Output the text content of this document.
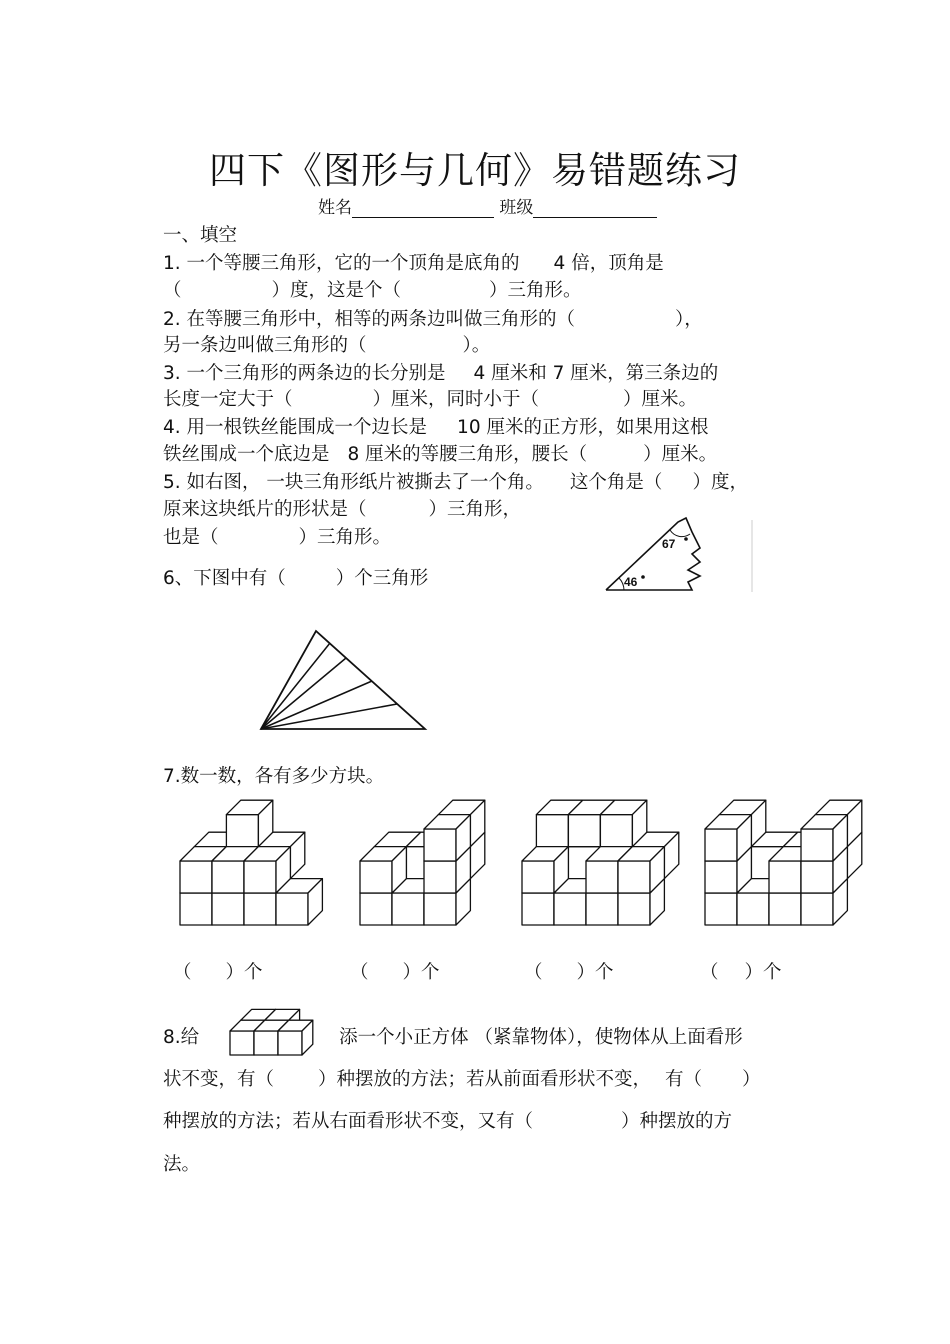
四下《图形与几何》易错题练习
姓名	班级
一、填空
1. 一个等腰三角形，它的一个顶角是底角的 4 倍，顶角是
（	）度，这是个（	）三角形。
2. 在等腰三角形中，相等的两条边叫做三角形的（	），
另一条边叫做三角形的（	）。
3. 一个三角形的两条边的长分别是 4 厘米和 7 厘米，第三条边的
长度一定大于（	）厘米，同时小于（	）厘米。
4. 用一根铁丝能围成一个边长是 10 厘米的正方形，如果用这根
铁丝围成一个底边是 8 厘米的等腰三角形，腰长（	）厘米。
5. 如右图， 一块三角形纸片被撕去了一个角。 这个角是（ ）度，
原来这块纸片的形状是（	）三角形，
也是（	）三角形。	67
46
6、下图中有（	）个三角形
7.数一数，各有多少方块。
（ ）个	（ ）个	（ ）个	（ ）个
8.给	添一个小正方体 （紧靠物体），使物体从上面看形
状不变，有（ ）种摆放的方法；若从前面看形状不变， 有（ ）
种摆放的方法；若从右面看形状不变，又有（	）种摆放的方
法。
